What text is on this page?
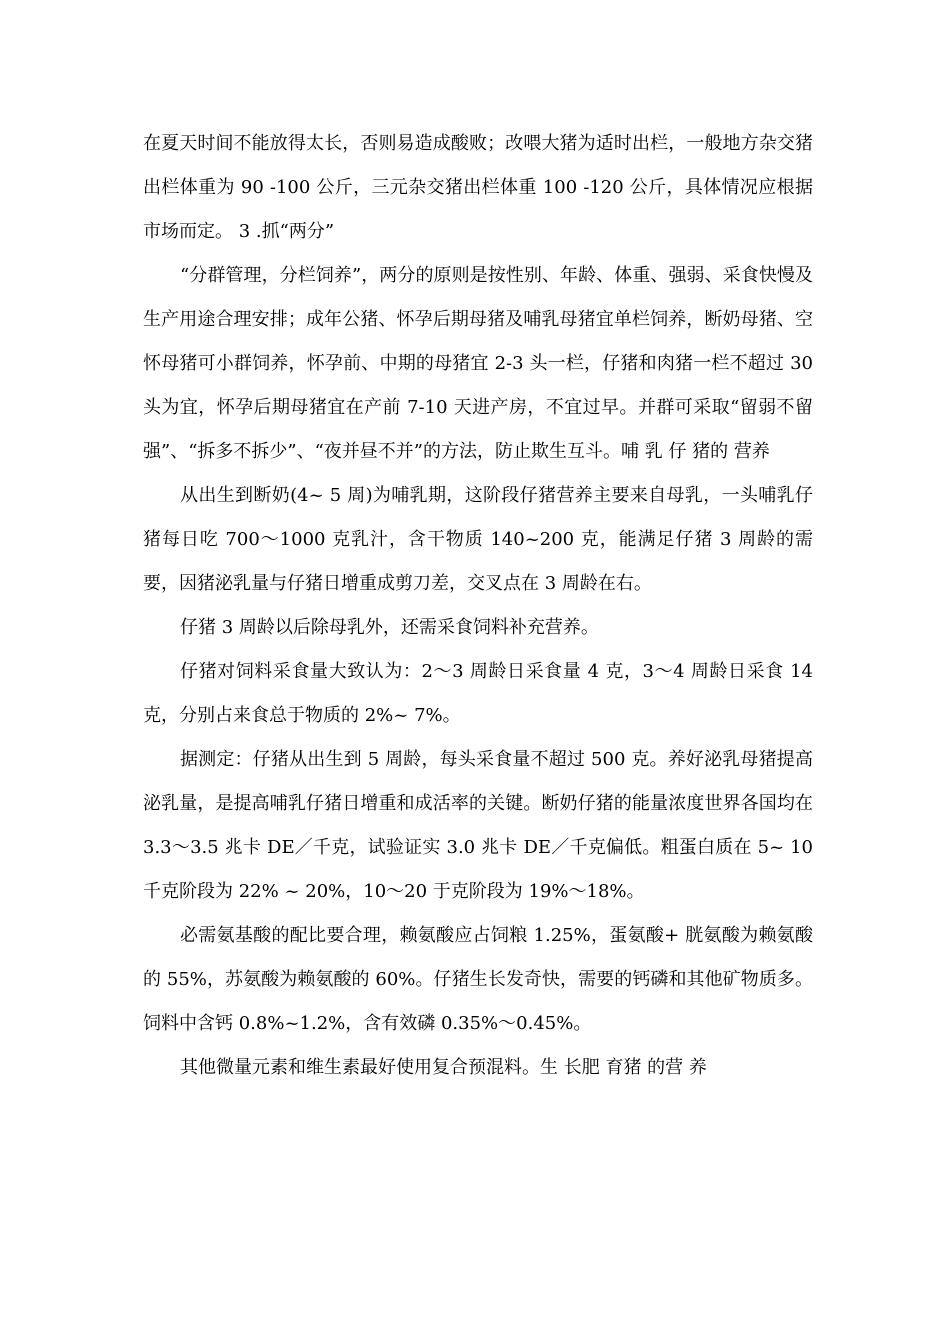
在夏天时间不能放得太长，否则易造成酸败；改喂大猪为适时出栏，一般地方杂交猪出栏体重为 90 -100 公斤，三元杂交猪出栏体重 100 -120 公斤，具体情况应根据市场而定。 3 .抓“两分”

“分群管理，分栏饲养”，两分的原则是按性别、年龄、体重、强弱、采食快慢及生产用途合理安排；成年公猪、怀孕后期母猪及哺乳母猪宜单栏饲养，断奶母猪、空怀母猪可小群饲养，怀孕前、中期的母猪宜 2-3 头一栏，仔猪和肉猪一栏不超过 30 头为宜，怀孕后期母猪宜在产前 7-10 天进产房，不宜过早。并群可采取“留弱不留强”、“拆多不拆少”、“夜并昼不并”的方法，防止欺生互斗。哺 乳 仔 猪的 营养

从出生到断奶(4~ 5 周)为哺乳期，这阶段仔猪营养主要来自母乳，一头哺乳仔猪每日吃 700～1000 克乳汁，含干物质 140~200 克，能满足仔猪 3 周龄的需要，因猪泌乳量与仔猪日增重成剪刀差，交叉点在 3 周龄在右。

仔猪 3 周龄以后除母乳外，还需采食饲料补充营养。

仔猪对饲料采食量大致认为：2～3 周龄日采食量 4 克，3～4 周龄日采食 14 克，分别占来食总于物质的 2%~ 7%。

据测定：仔猪从出生到 5 周龄，每头采食量不超过 500 克。养好泌乳母猪提高泌乳量，是提高哺乳仔猪日增重和成活率的关键。断奶仔猪的能量浓度世界各国均在 3.3～3.5 兆卡 DE／千克，试验证实 3.0 兆卡 DE／千克偏低。粗蛋白质在 5~ 10 千克阶段为 22% ~ 20%，10～20 于克阶段为 19%～18%。

必需氨基酸的配比要合理，赖氨酸应占饲粮 1.25%，蛋氨酸+ 胱氨酸为赖氨酸的 55%，苏氨酸为赖氨酸的 60%。仔猪生长发奇快，需要的钙磷和其他矿物质多。饲料中含钙 0.8%~1.2%，含有效磷 0.35%～0.45%。

其他微量元素和维生素最好使用复合预混料。生 长肥 育猪 的营 养
